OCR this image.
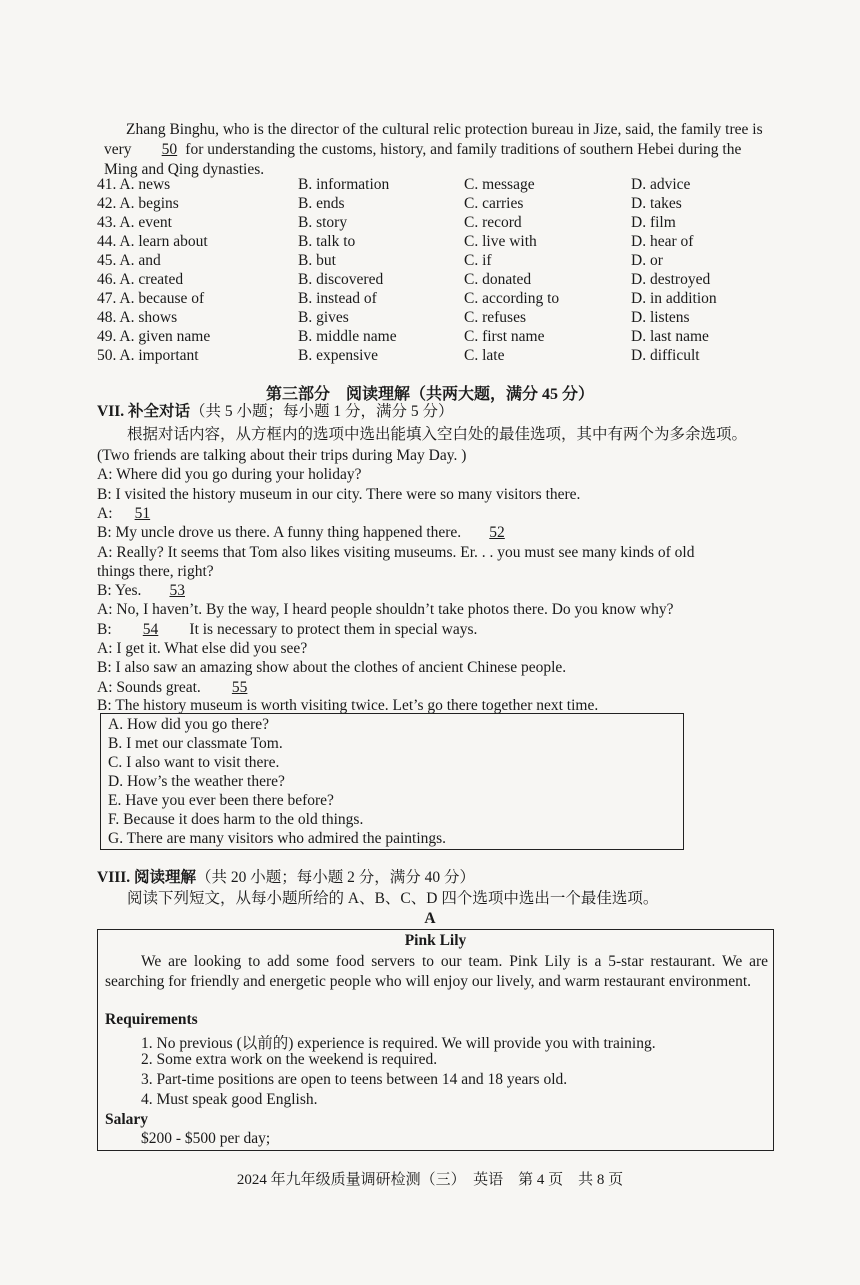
Zhang Binghu, who is the director of the cultural relic protection bureau in Jize, said, the family tree is very 50 for understanding the customs, history, and family traditions of southern Hebei during the Ming and Qing dynasties.
41. A. news	B. information	C. message	D. advice
42. A. begins	B. ends	C. carries	D. takes
43. A. event	B. story	C. record	D. film
44. A. learn about	B. talk to	C. live with	D. hear of
45. A. and	B. but	C. if	D. or
46. A. created	B. discovered	C. donated	D. destroyed
47. A. because of	B. instead of	C. according to	D. in addition
48. A. shows	B. gives	C. refuses	D. listens
49. A. given name	B. middle name	C. first name	D. last name
50. A. important	B. expensive	C. late	D. difficult
第三部分　阅读理解（共两大题，满分 45 分）
VII. 补全对话（共 5 小题；每小题 1 分，满分 5 分）
根据对话内容，从方框内的选项中选出能填入空白处的最佳选项，其中有两个为多余选项。
(Two friends are talking about their trips during May Day. )
A: Where did you go during your holiday?
B: I visited the history museum in our city. There were so many visitors there.
A: 51
B: My uncle drove us there. A funny thing happened there. 52
A: Really? It seems that Tom also likes visiting museums. Er. . . you must see many kinds of old
things there, right?
B: Yes. 53
A: No, I haven’t. By the way, I heard people shouldn’t take photos there. Do you know why?
B: 54 It is necessary to protect them in special ways.
A: I get it. What else did you see?
B: I also saw an amazing show about the clothes of ancient Chinese people.
A: Sounds great. 55
B: The history museum is worth visiting twice. Let’s go there together next time.
A. How did you go there?
B. I met our classmate Tom.
C. I also want to visit there.
D. How’s the weather there?
E. Have you ever been there before?
F. Because it does harm to the old things.
G. There are many visitors who admired the paintings.
VIII. 阅读理解（共 20 小题；每小题 2 分，满分 40 分）
阅读下列短文，从每小题所给的 A、B、C、D 四个选项中选出一个最佳选项。
A
Pink Lily
We are looking to add some food servers to our team. Pink Lily is a 5-star restaurant. We are searching for friendly and energetic people who will enjoy our lively, and warm restaurant environment.
Requirements
1. No previous (以前的) experience is required. We will provide you with training.
2. Some extra work on the weekend is required.
3. Part-time positions are open to teens between 14 and 18 years old.
4. Must speak good English.
Salary
$200 - $500 per day;
2024 年九年级质量调研检测（三）　英语　第 4 页　共 8 页
